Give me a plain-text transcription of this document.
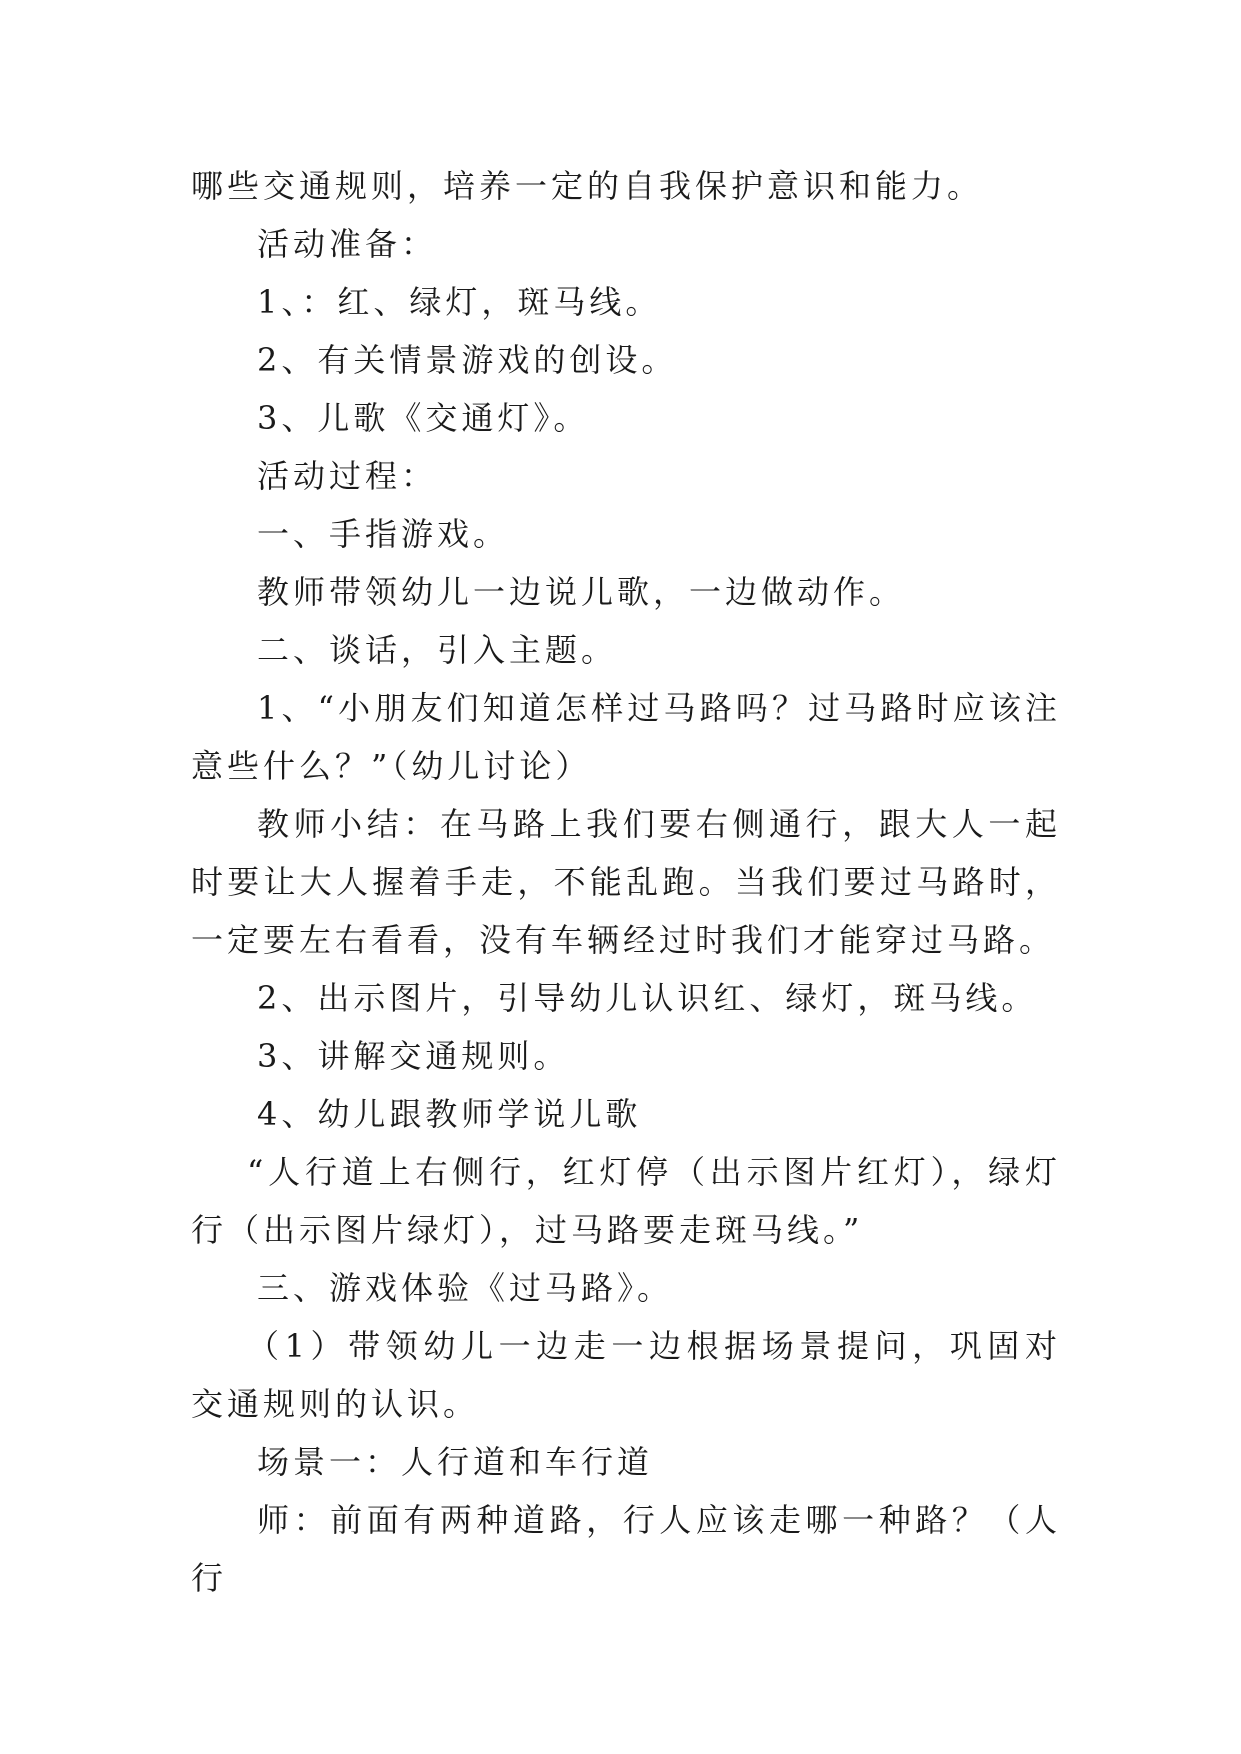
哪些交通规则，培养一定的自我保护意识和能力。

活动准备：

1、：红、绿灯，斑马线。

2、有关情景游戏的创设。

3、儿歌《交通灯》。

活动过程：

一、手指游戏。

教师带领幼儿一边说儿歌，一边做动作。

二、谈话，引入主题。

1、“小朋友们知道怎样过马路吗？过马路时应该注意些什么？”（幼儿讨论）

教师小结：在马路上我们要右侧通行，跟大人一起时要让大人握着手走，不能乱跑。当我们要过马路时，一定要左右看看，没有车辆经过时我们才能穿过马路。

2、出示图片，引导幼儿认识红、绿灯，斑马线。

3、讲解交通规则。

4、幼儿跟教师学说儿歌

“人行道上右侧行，红灯停（出示图片红灯），绿灯行（出示图片绿灯），过马路要走斑马线。”

三、游戏体验《过马路》。

（1）带领幼儿一边走一边根据场景提问，巩固对交通规则的认识。

场景一：人行道和车行道

师：前面有两种道路，行人应该走哪一种路？（人行
